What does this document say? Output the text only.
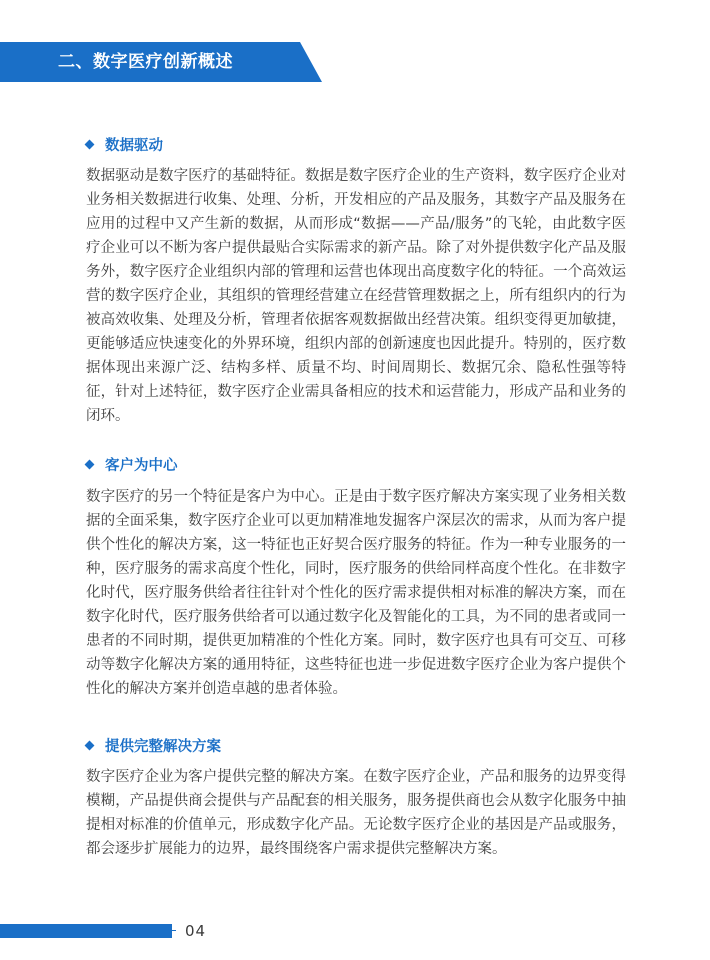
二、数字医疗创新概述
数据驱动

数据驱动是数字医疗的基础特征。数据是数字医疗企业的生产资料，数字医疗企业对业务相关数据进行收集、处理、分析，开发相应的产品及服务，其数字产品及服务在应用的过程中又产生新的数据，从而形成“数据——产品/服务”的飞轮，由此数字医疗企业可以不断为客户提供最贴合实际需求的新产品。除了对外提供数字化产品及服务外，数字医疗企业组织内部的管理和运营也体现出高度数字化的特征。一个高效运营的数字医疗企业，其组织的管理经营建立在经营管理数据之上，所有组织内的行为被高效收集、处理及分析，管理者依据客观数据做出经营决策。组织变得更加敏捷，更能够适应快速变化的外界环境，组织内部的创新速度也因此提升。特别的，医疗数据体现出来源广泛、结构多样、质量不均、时间周期长、数据冗余、隐私性强等特征，针对上述特征，数字医疗企业需具备相应的技术和运营能力，形成产品和业务的闭环。

客户为中心

数字医疗的另一个特征是客户为中心。正是由于数字医疗解决方案实现了业务相关数据的全面采集，数字医疗企业可以更加精准地发掘客户深层次的需求，从而为客户提供个性化的解决方案，这一特征也正好契合医疗服务的特征。作为一种专业服务的一种，医疗服务的需求高度个性化，同时，医疗服务的供给同样高度个性化。在非数字化时代，医疗服务供给者往往针对个性化的医疗需求提供相对标准的解决方案，而在数字化时代，医疗服务供给者可以通过数字化及智能化的工具，为不同的患者或同一患者的不同时期，提供更加精准的个性化方案。同时，数字医疗也具有可交互、可移动等数字化解决方案的通用特征，这些特征也进一步促进数字医疗企业为客户提供个性化的解决方案并创造卓越的患者体验。

提供完整解决方案

数字医疗企业为客户提供完整的解决方案。在数字医疗企业，产品和服务的边界变得模糊，产品提供商会提供与产品配套的相关服务，服务提供商也会从数字化服务中抽提相对标准的价值单元，形成数字化产品。无论数字医疗企业的基因是产品或服务，都会逐步扩展能力的边界，最终围绕客户需求提供完整解决方案。

04
